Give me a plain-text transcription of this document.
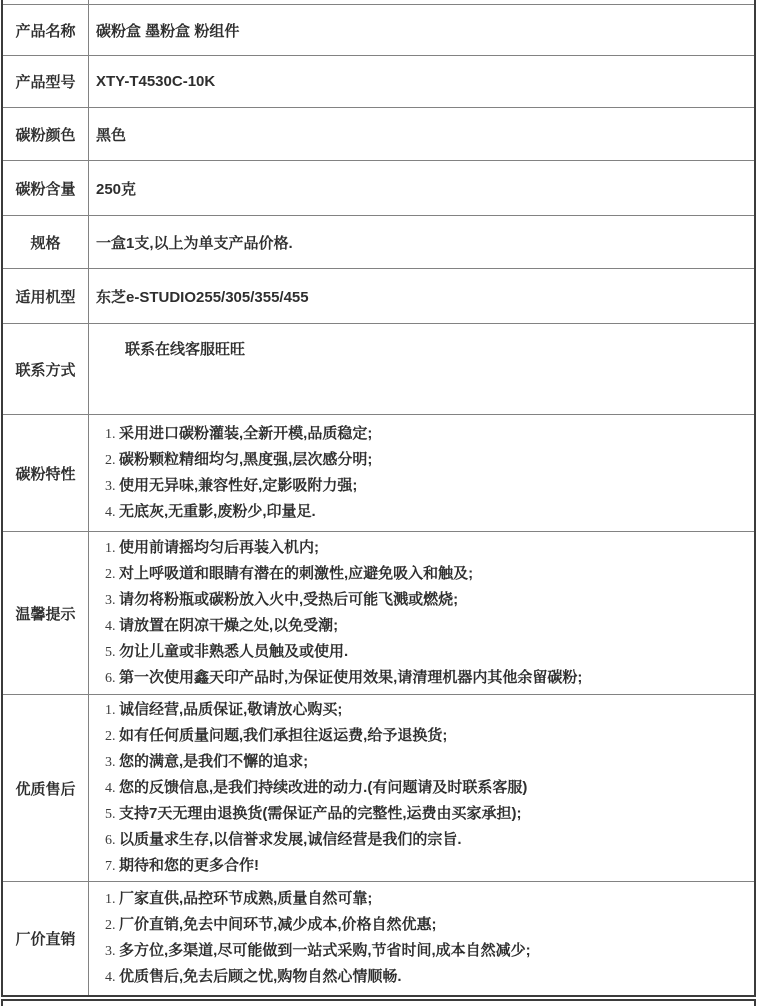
产品名称	碳粉盒 墨粉盒 粉组件

产品型号	XTY-T4530C-10K

碳粉颜色	黑色

碳粉含量	250克

规格	一盒1支,以上为单支产品价格.

适用机型	东芝e-STUDIO255/305/355/455

联系方式	联系在线客服旺旺

碳粉特性	
1. 采用进口碳粉灌装,全新开模,品质稳定;
2. 碳粉颗粒精细均匀,黑度强,层次感分明;
3. 使用无异味,兼容性好,定影吸附力强;
4. 无底灰,无重影,废粉少,印量足.

温馨提示	
1. 使用前请摇均匀后再装入机内;
2. 对上呼吸道和眼睛有潜在的刺激性,应避免吸入和触及;
3. 请勿将粉瓶或碳粉放入火中,受热后可能飞溅或燃烧;
4. 请放置在阴凉干燥之处,以免受潮;
5. 勿让儿童或非熟悉人员触及或使用.
6. 第一次使用鑫天印产品时,为保证使用效果,请清理机器内其他余留碳粉;

优质售后	
1. 诚信经营,品质保证,敬请放心购买;
2. 如有任何质量问题,我们承担往返运费,给予退换货;
3. 您的满意,是我们不懈的追求;
4. 您的反馈信息,是我们持续改进的动力.(有问题请及时联系客服)
5. 支持7天无理由退换货(需保证产品的完整性,运费由买家承担);
6. 以质量求生存,以信誉求发展,诚信经营是我们的宗旨.
7. 期待和您的更多合作!

厂价直销	
1. 厂家直供,品控环节成熟,质量自然可靠;
2. 厂价直销,免去中间环节,减少成本,价格自然优惠;
3. 多方位,多渠道,尽可能做到一站式采购,节省时间,成本自然减少;
4. 优质售后,免去后顾之忧,购物自然心情顺畅.
